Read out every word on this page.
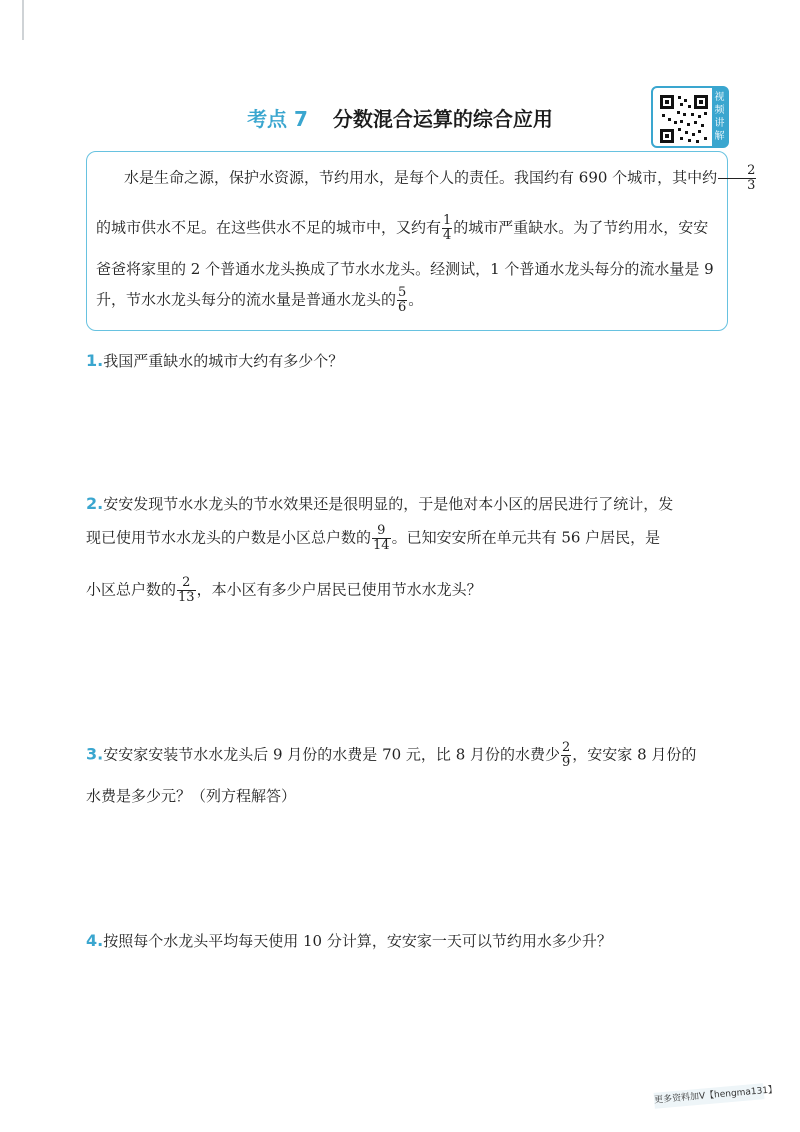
考点 7 分数混合运算的综合应用
视频讲解
水是生命之源，保护水资源，节约用水，是每个人的责任。我国约有 690 个城市，其中约 $\frac{2}{3}$
的城市供水不足。在这些供水不足的城市中，又约有 $\frac{1}{4}$ 的城市严重缺水。为了节约用水，安安
爸爸将家里的 2 个普通水龙头换成了节水水龙头。经测试，1 个普通水龙头每分的流水量是 9
升，节水水龙头每分的流水量是普通水龙头的 $\frac{5}{6}$ 。
1.我国严重缺水的城市大约有多少个？
2.安安发现节水水龙头的节水效果还是很明显的，于是他对本小区的居民进行了统计，发
现已使用节水水龙头的户数是小区总户数的 $\frac{9}{14}$ 。已知安安所在单元共有 56 户居民，是
小区总户数的 $\frac{2}{13}$ ，本小区有多少户居民已使用节水水龙头？
3.安安家安装节水水龙头后 9 月份的水费是 70 元，比 8 月份的水费少 $\frac{2}{9}$ ，安安家 8 月份的
水费是多少元？（列方程解答）
4.按照每个水龙头平均每天使用 10 分计算，安安家一天可以节约用水多少升？
更多资料加V【hengma131】
